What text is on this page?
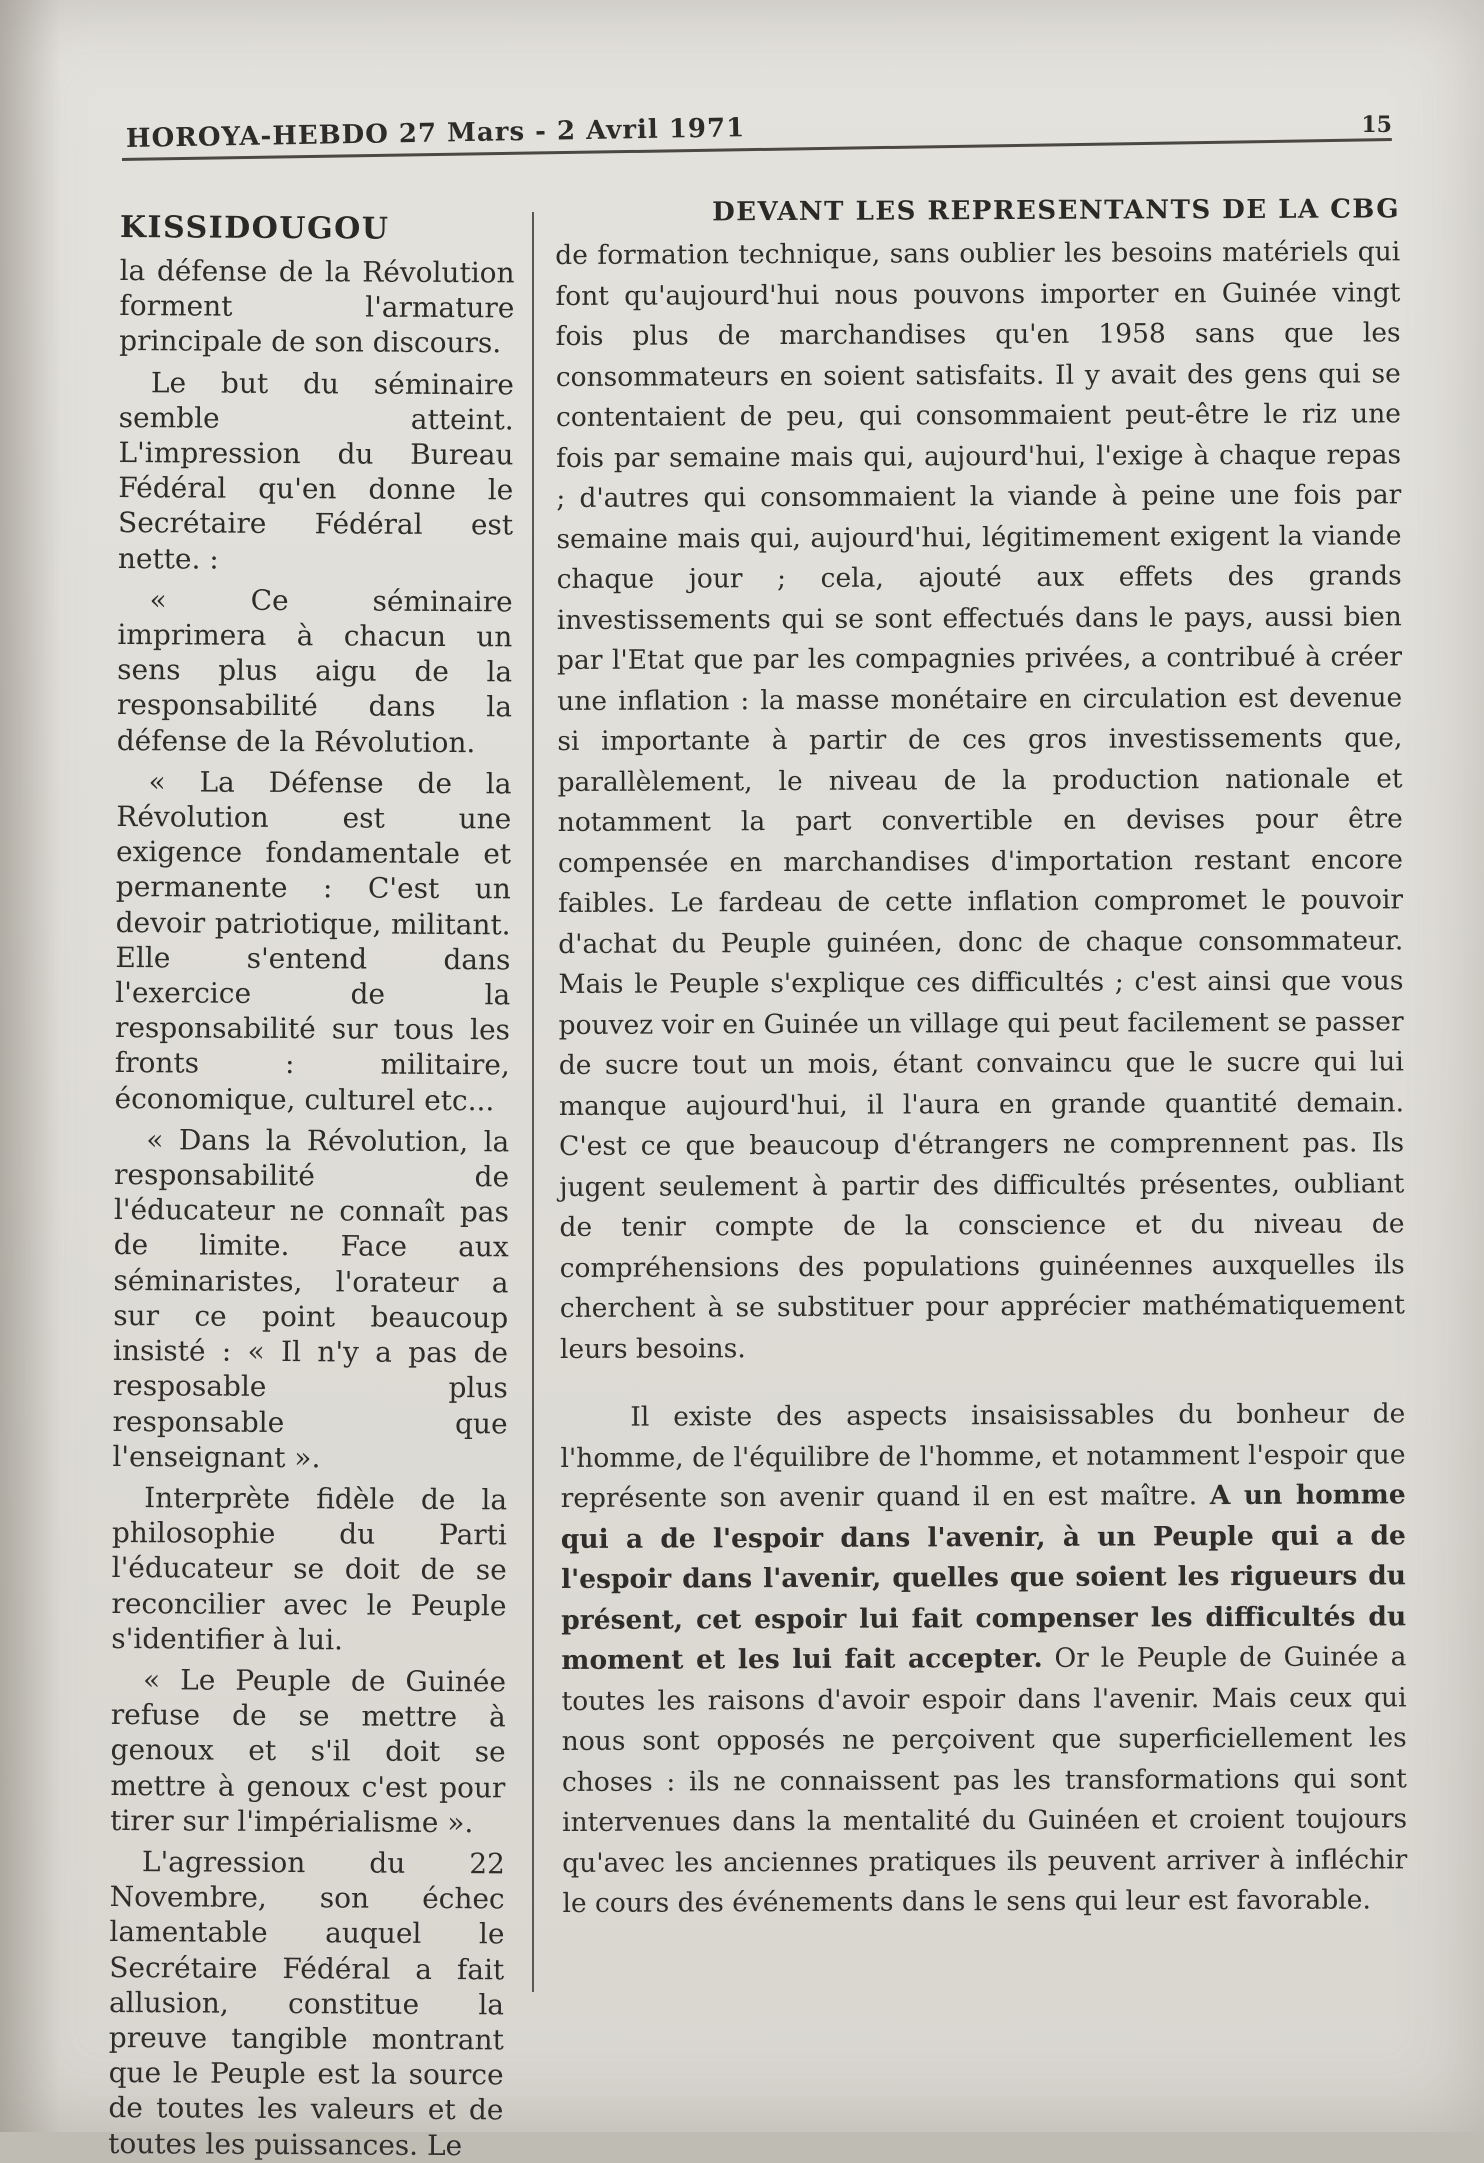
HOROYA-HEBDO 27 Mars - 2 Avril 1971	15
KISSIDOUGOU

la défense de la Révolution forment l'armature principale de son discours.

Le but du séminaire semble atteint. L'impression du Bureau Fédéral qu'en donne le Secrétaire Fédéral est nette. :

« Ce séminaire imprimera à chacun un sens plus aigu de la responsabilité dans la défense de la Révolution.

« La Défense de la Révolution est une exigence fondamentale et permanente : C'est un devoir patriotique, militant. Elle s'entend dans l'exercice de la responsabilité sur tous les fronts : militaire, économique, culturel etc...

« Dans la Révolution, la responsabilité de l'éducateur ne connaît pas de limite. Face aux séminaristes, l'orateur a sur ce point beaucoup insisté : « Il n'y a pas de resposable plus responsable que l'enseignant ».

Interprète fidèle de la philosophie du Parti l'éducateur se doit de se reconcilier avec le Peuple s'identifier à lui.

« Le Peuple de Guinée refuse de se mettre à genoux et s'il doit se mettre à genoux c'est pour tirer sur l'impérialisme ».

L'agression du 22 Novembre, son échec lamentable auquel le Secrétaire Fédéral a fait allusion, constitue la preuve tangible montrant que le Peuple est la source de toutes les valeurs et de toutes les puissances. Le

DEVANT LES REPRESENTANTS DE LA CBG

de formation technique, sans oublier les besoins matériels qui font qu'aujourd'hui nous pouvons importer en Guinée vingt fois plus de marchandises qu'en 1958 sans que les consommateurs en soient satisfaits. Il y avait des gens qui se contentaient de peu, qui consommaient peut-être le riz une fois par semaine mais qui, aujourd'hui, l'exige à chaque repas ; d'autres qui consommaient la viande à peine une fois par semaine mais qui, aujourd'hui, légitimement exigent la viande chaque jour ; cela, ajouté aux effets des grands investissements qui se sont effectués dans le pays, aussi bien par l'Etat que par les compagnies privées, a contribué à créer une inflation : la masse monétaire en circulation est devenue si importante à partir de ces gros investissements que, parallèlement, le niveau de la production nationale et notamment la part convertible en devises pour être compensée en marchandises d'importation restant encore faibles. Le fardeau de cette inflation compromet le pouvoir d'achat du Peuple guinéen, donc de chaque consommateur. Mais le Peuple s'explique ces difficultés ; c'est ainsi que vous pouvez voir en Guinée un village qui peut facilement se passer de sucre tout un mois, étant convaincu que le sucre qui lui manque aujourd'hui, il l'aura en grande quantité demain. C'est ce que beaucoup d'étrangers ne comprennent pas. Ils jugent seulement à partir des difficultés présentes, oubliant de tenir compte de la conscience et du niveau de compréhensions des populations guinéennes auxquelles ils cherchent à se substituer pour apprécier mathématiquement leurs besoins.

Il existe des aspects insaisissables du bonheur de l'homme, de l'équilibre de l'homme, et notamment l'espoir que représente son avenir quand il en est maître. A un homme qui a de l'espoir dans l'avenir, à un Peuple qui a de l'espoir dans l'avenir, quelles que soient les rigueurs du présent, cet espoir lui fait compenser les difficultés du moment et les lui fait accepter. Or le Peuple de Guinée a toutes les raisons d'avoir espoir dans l'avenir. Mais ceux qui nous sont opposés ne perçoivent que superficiellement les choses : ils ne connaissent pas les transformations qui sont intervenues dans la mentalité du Guinéen et croient toujours qu'avec les anciennes pratiques ils peuvent arriver à infléchir le cours des événements dans le sens qui leur est favorable.
